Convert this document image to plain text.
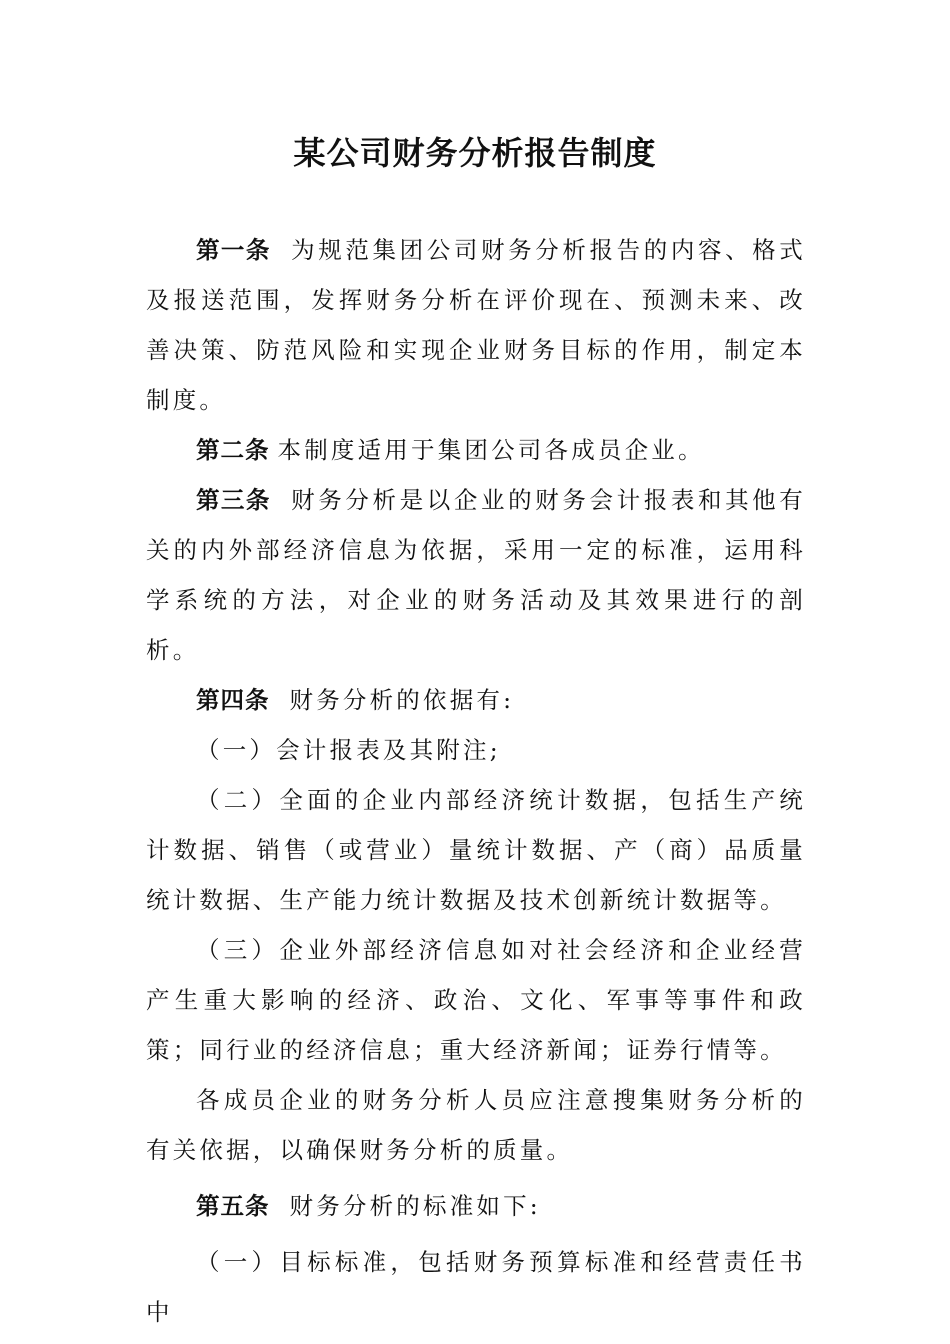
某公司财务分析报告制度

第一条 为规范集团公司财务分析报告的内容、格式及报送范围，发挥财务分析在评价现在、预测未来、改善决策、防范风险和实现企业财务目标的作用，制定本制度。

第二条 本制度适用于集团公司各成员企业。

第三条 财务分析是以企业的财务会计报表和其他有关的内外部经济信息为依据，采用一定的标准，运用科学系统的方法，对企业的财务活动及其效果进行的剖析。

第四条 财务分析的依据有:

（一）会计报表及其附注;

（二）全面的企业内部经济统计数据，包括生产统计数据、销售（或营业）量统计数据、产（商）品质量统计数据、生产能力统计数据及技术创新统计数据等。

（三）企业外部经济信息如对社会经济和企业经营产生重大影响的经济、政治、文化、军事等事件和政策；同行业的经济信息；重大经济新闻；证券行情等。

各成员企业的财务分析人员应注意搜集财务分析的有关依据，以确保财务分析的质量。

第五条 财务分析的标准如下:

（一）目标标准，包括财务预算标准和经营责任书中
